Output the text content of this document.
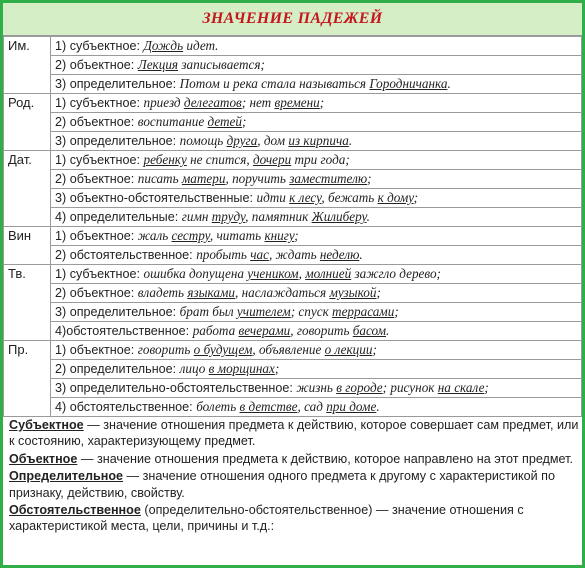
ЗНАЧЕНИЕ ПАДЕЖЕЙ
Им.	1) субъектное: Дождь идет.
	2) объектное: Лекция записывается;
	3) определительное: Потом и река стала называться Городничанка.
Род.	1) субъектное: приезд делегатов; нет времени;
	2) объектное: воспитание детей;
	3) определительное: помощь друга, дом из кирпича.
Дат.	1) субъектное: ребенку не спится, дочери три года;
	2) объектное: писать матери, поручить заместителю;
	3) объектно-обстоятельственные: идти к лесу, бежать к дому;
	4) определительные: гимн труду, памятник Жилиберу.
Вин	1) объектное: жаль сестру, читать книгу;
	2) обстоятельственное: пробыть час, ждать неделю.
Тв.	1) субъектное: ошибка допущена учеником, молнией зажгло дерево;
	2) объектное: владеть языками, наслаждаться музыкой;
	3) определительное: брат был учителем; спуск террасами;
	4)обстоятельственное: работа вечерами, говорить басом.
Пр.	1) объектное: говорить о будущем, объявление о лекции;
	2) определительное: лицо в морщинах;
	3) определительно-обстоятельственное: жизнь в городе; рисунок на скале;
	4) обстоятельственное: болеть в детстве, сад при доме.

Субъектное — значение отношения предмета к действию, которое совершает сам предмет, или к состоянию, характеризующему предмет.

Объектное — значение отношения предмета к действию, которое направлено на этот предмет.

Определительное — значение отношения одного предмета к другому с характеристикой по признаку, действию, свойству.

Обстоятельственное (определительно-обстоятельственное) — значение отношения с характеристикой места, цели, причины и т.д.:
